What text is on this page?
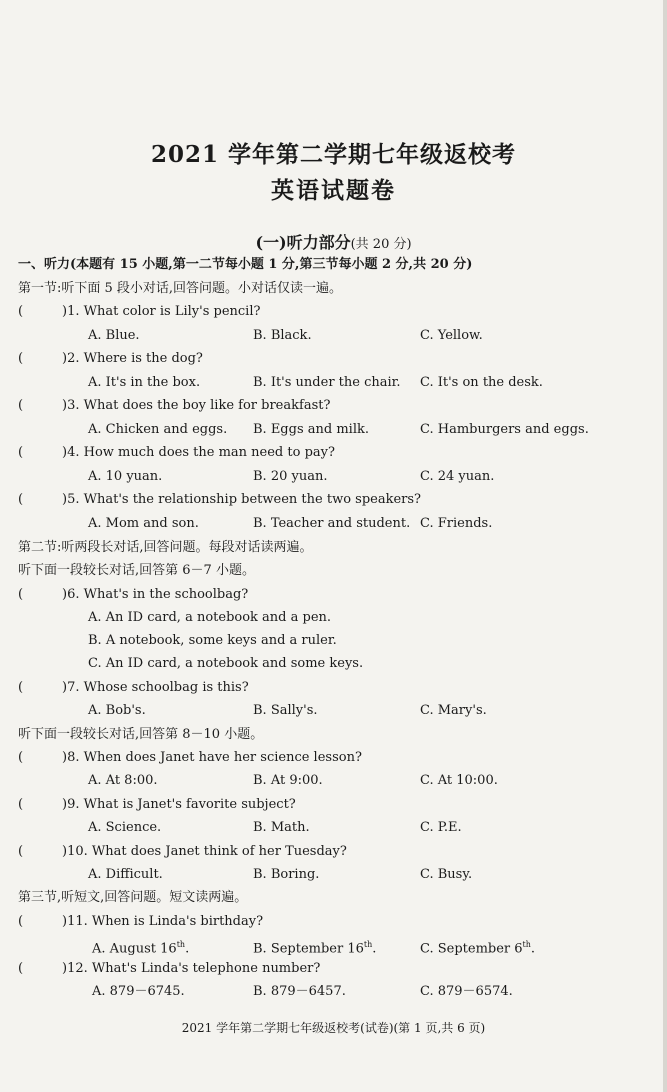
2021 学年第二学期七年级返校考
英语试题卷
(一)听力部分(共 20 分)
一、听力(本题有 15 小题,第一二节每小题 1 分,第三节每小题 2 分,共 20 分)
第一节:听下面 5 段小对话,回答问题。小对话仅读一遍。
(	)1. What color is Lily's pencil?
A. Blue.	B. Black.	C. Yellow.
(	)2. Where is the dog?
A. It's in the box.	B. It's under the chair. C. It's on the desk.
(	)3. What does the boy like for breakfast?
A. Chicken and eggs. B. Eggs and milk.	C. Hamburgers and eggs.
(	)4. How much does the man need to pay?
A. 10 yuan.	B. 20 yuan.	C. 24 yuan.
(	)5. What's the relationship between the two speakers?
A. Mom and son.	B. Teacher and student. C. Friends.
第二节:听两段长对话,回答问题。每段对话读两遍。
听下面一段较长对话,回答第 6－7 小题。
(	)6. What's in the schoolbag?
A. An ID card, a notebook and a pen.
B. A notebook, some keys and a ruler.
C. An ID card, a notebook and some keys.
(	)7. Whose schoolbag is this?
A. Bob's.	B. Sally's.	C. Mary's.
听下面一段较长对话,回答第 8－10 小题。
(	)8. When does Janet have her science lesson?
A. At 8:00.	B. At 9:00.	C. At 10:00.
(	)9. What is Janet's favorite subject?
A. Science.	B. Math.	C. P.E.
(	)10. What does Janet think of her Tuesday?
A. Difficult.	B. Boring.	C. Busy.
第三节,听短文,回答问题。短文读两遍。
(	)11. When is Linda's birthday?
A. August 16th.	B. September 16th.	C. September 6th.
(	)12. What's Linda's telephone number?
A. 879－6745.	B. 879－6457.	C. 879－6574.
2021 学年第二学期七年级返校考(试卷)(第 1 页,共 6 页)
